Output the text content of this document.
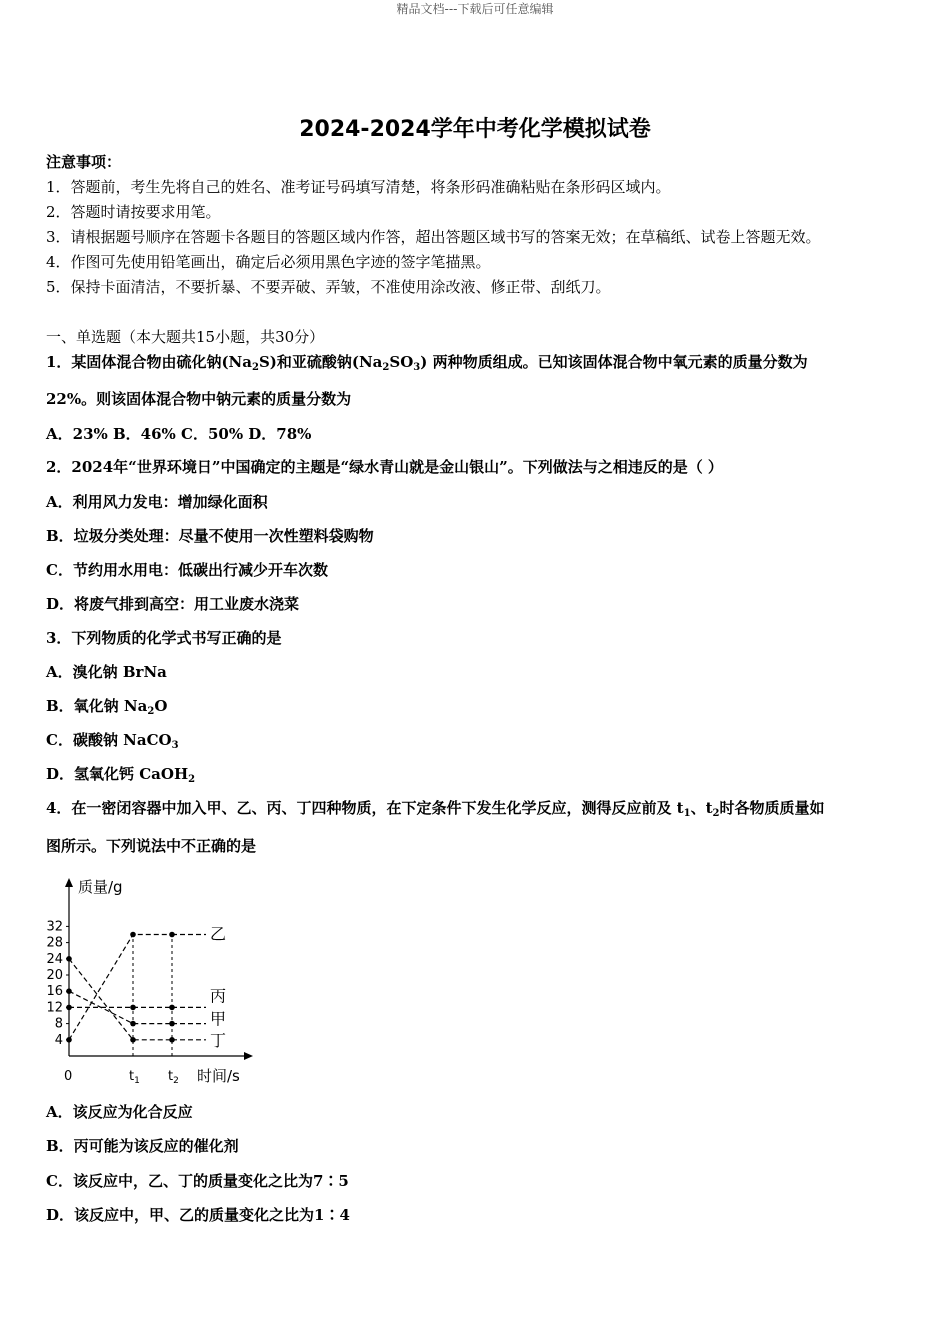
精品文档---下载后可任意编辑
2024-2024学年中考化学模拟试卷
注意事项：
1．答题前，考生先将自己的姓名、准考证号码填写清楚，将条形码准确粘贴在条形码区域内。
2．答题时请按要求用笔。
3．请根据题号顺序在答题卡各题目的答题区域内作答，超出答题区域书写的答案无效；在草稿纸、试卷上答题无效。
4．作图可先使用铅笔画出，确定后必须用黑色字迹的签字笔描黑。
5．保持卡面清洁，不要折暴、不要弄破、弄皱，不准使用涂改液、修正带、刮纸刀。
一、单选题（本大题共15小题，共30分）
1．某固体混合物由硫化钠$(Na_2S)$和亚硫酸钠$(Na_2SO_3)$ 两种物质组成。已知该固体混合物中氧元素的质量分数为
22%。则该固体混合物中钠元素的质量分数为
A．23% B．46% C．50% D．78%
2．2024年“世界环境日”中国确定的主题是“绿水青山就是金山银山”。下列做法与之相违反的是（ ）
A．利用风力发电：增加绿化面积
B．垃圾分类处理：尽量不使用一次性塑料袋购物
C．节约用水用电：低碳出行减少开车次数
D．将废气排到高空：用工业废水浇菜
3．下列物质的化学式书写正确的是
A．溴化钠 BrNa
B．氧化钠 $Na_2O$
C．碳酸钠 NaCO$_3$
D．氢氧化钙 CaOH$_2$
4．在一密闭容器中加入甲、乙、丙、丁四种物质，在下定条件下发生化学反应，测得反应前及 $t_1$、$t_2$时各物质质量如
图所示。下列说法中不正确的是
质量/g
时间/s
0
4
8
12
16
20
24
28
32
$t_1$ $t_2$
乙
丙
甲
丁
A．该反应为化合反应
B．丙可能为该反应的催化剂
C．该反应中，乙、丁的质量变化之比为7∶5
D．该反应中，甲、乙的质量变化之比为1∶4
